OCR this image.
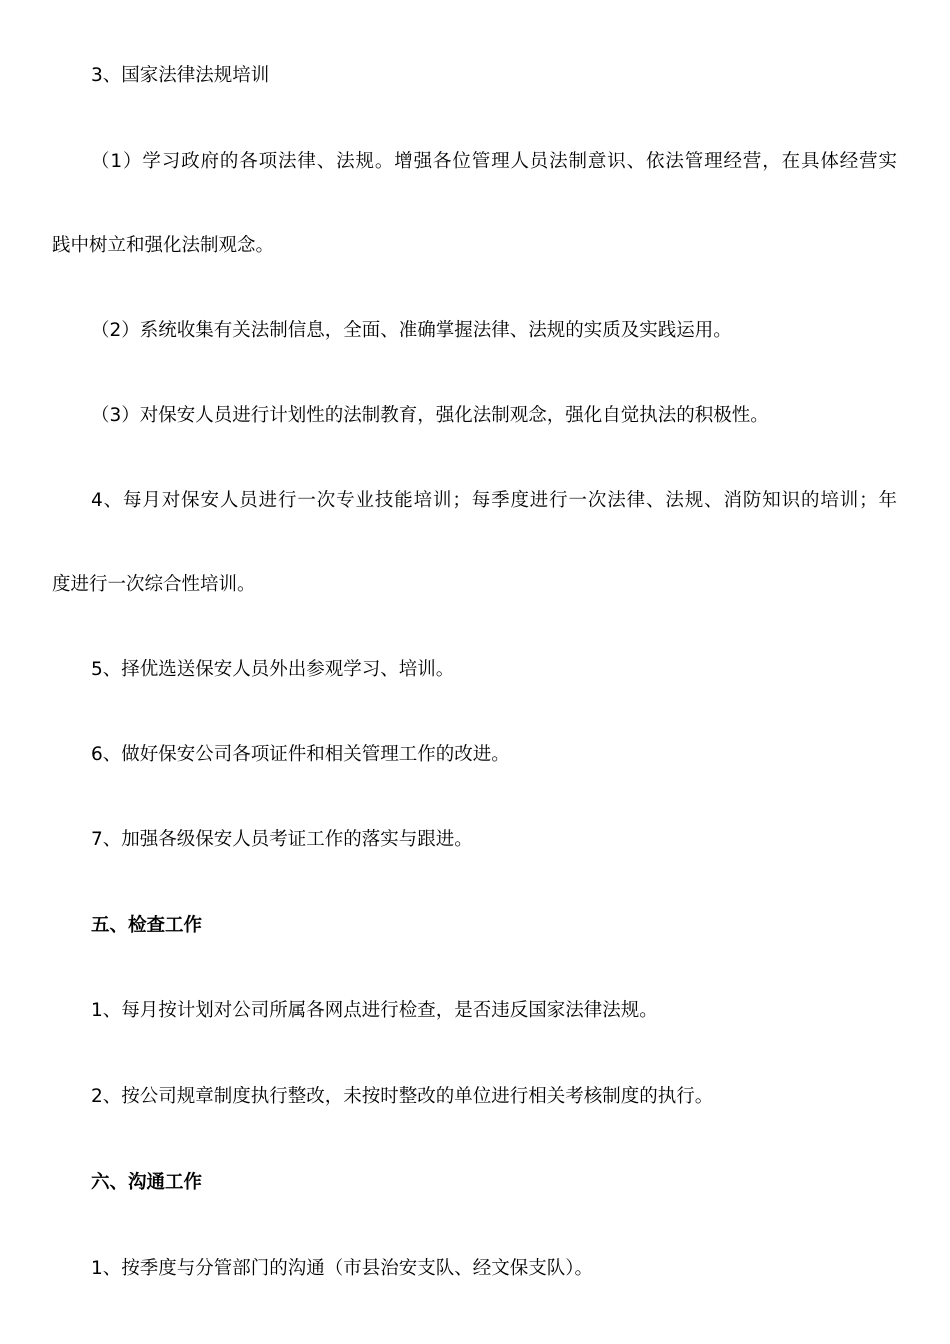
3、国家法律法规培训

（1）学习政府的各项法律、法规。增强各位管理人员法制意识、依法管理经营，在具体经营实

践中树立和强化法制观念。

（2）系统收集有关法制信息，全面、准确掌握法律、法规的实质及实践运用。

（3）对保安人员进行计划性的法制教育，强化法制观念，强化自觉执法的积极性。

4、每月对保安人员进行一次专业技能培训；每季度进行一次法律、法规、消防知识的培训；年

度进行一次综合性培训。

5、择优选送保安人员外出参观学习、培训。

6、做好保安公司各项证件和相关管理工作的改进。

7、加强各级保安人员考证工作的落实与跟进。

五、检查工作

1、每月按计划对公司所属各网点进行检查，是否违反国家法律法规。

2、按公司规章制度执行整改，未按时整改的单位进行相关考核制度的执行。

六、沟通工作

1、按季度与分管部门的沟通（市县治安支队、经文保支队）。
